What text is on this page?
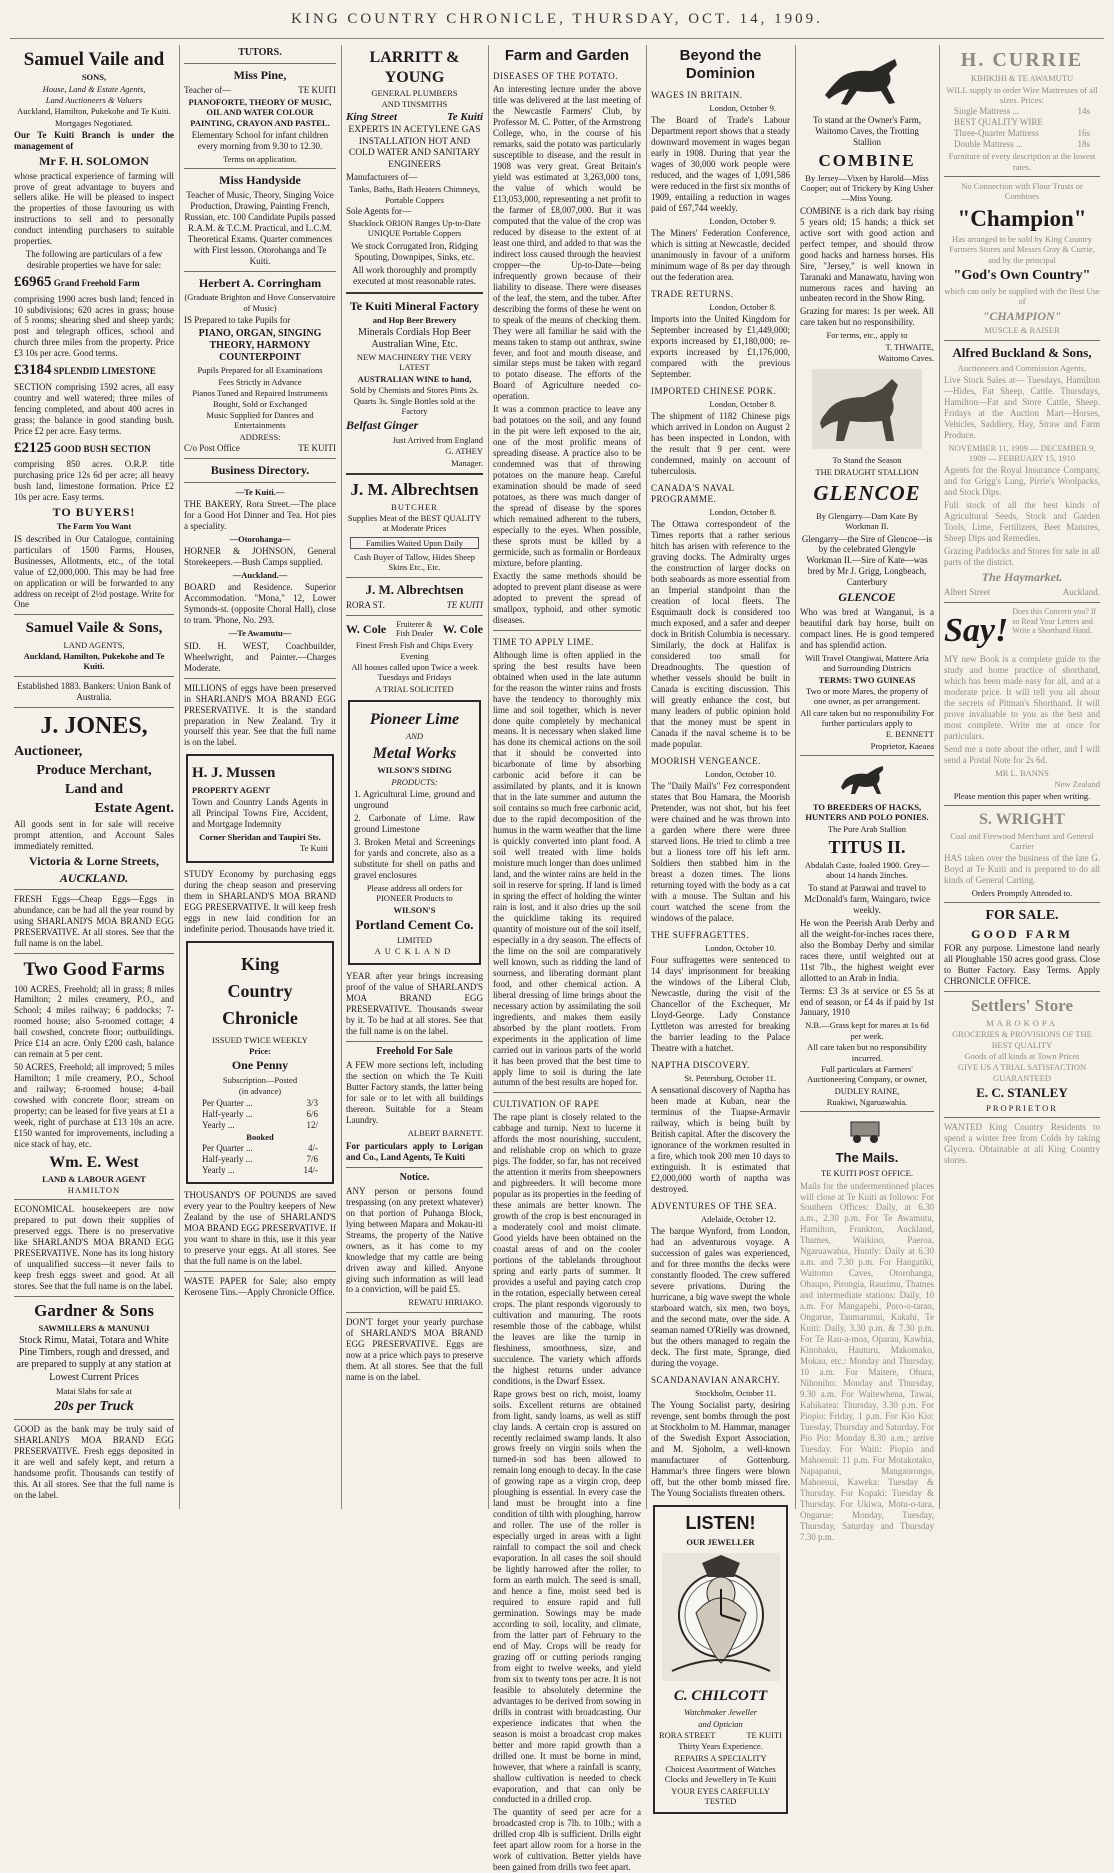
KING COUNTRY CHRONICLE, THURSDAY, OCT. 14, 1909.
Samuel Vaile and
SONS,
House, Land & Estate Agents,
Land Auctioneers & Valuers
Auckland, Hamilton, Pukekohe and Te Kuiti.
Mortgages Negotiated.

Our Te Kuiti Branch is under the management of

Mr F. H. SOLOMON

whose practical experience of farming will prove of great advantage to buyers and sellers alike. He will be pleased to inspect the properties of those favouring us with instructions to sell and to personally conduct intending purchasers to suitable properties.

The following are particulars of a few desirable properties we have for sale:

£6965 Grand Freehold Farm

comprising 1990 acres bush land; fenced in 10 subdivisions; 620 acres in grass; house of 5 rooms; shearing shed and sheep yards; post and telegraph offices, school and church three miles from the property. Price £3 10s per acre. Good terms.

£3184 SPLENDID LIMESTONE

SECTION comprising 1592 acres, all easy country and well watered; three miles of fencing completed, and about 400 acres in grass; the balance in good standing bush. Price £2 per acre. Easy terms.

£2125 GOOD BUSH SECTION

comprising 850 acres. O.R.P. title purchasing price 12s 6d per acre; all heavy bush land, limestone formation. Price £2 10s per acre. Easy terms.

TO BUYERS!
The Farm You Want

IS described in Our Catalogue, containing particulars of 1500 Farms, Houses, Businesses, Allotments, etc., of the total value of £2,000,000. This may be had free on application or will be forwarded to any address on receipt of 2½d postage. Write for One

Samuel Vaile & Sons,
LAND AGENTS,
Auckland, Hamilton, Pukekohe and Te Kuiti.

Established 1883. Bankers: Union Bank of Australia.

J. JONES,
Auctioneer,
Produce Merchant,
Land and
Estate Agent.

All goods sent in for sale will receive prompt attention, and Account Sales immediately remitted.

Victoria & Lorne Streets,
AUCKLAND.

FRESH Eggs—Cheap Eggs—Eggs in abundance, can be had all the year round by using SHARLAND'S MOA BRAND EGG PRESERVATIVE. At all stores. See that the full name is on the label.

Two Good Farms

100 ACRES, Freehold; all in grass; 8 miles Hamilton; 2 miles creamery, P.O., and School; 4 miles railway; 6 paddocks; 7-roomed house; also 5-roomed cottage; 4 bail cowshed, concrete floor; outbuildings. Price £14 an acre. Only £200 cash, balance can remain at 5 per cent.

50 ACRES, Freehold; all improved; 5 miles Hamilton; 1 mile creamery, P.O., School and railway; 6-roomed house; 4-bail cowshed with concrete floor; stream on property; can be leased for five years at £1 a week, right of purchase at £13 10s an acre. £150 wanted for improvements, including a nice stack of hay, etc.

Wm. E. West
LAND & LABOUR AGENT
HAMILTON

ECONOMICAL housekeepers are now prepared to put down their supplies of preserved eggs. There is no preservative like SHARLAND'S MOA BRAND EGG PRESERVATIVE. None has its long history of unqualified success—it never fails to keep fresh eggs sweet and good. At all stores. See that the full name is on the label.

Gardner & Sons
SAWMILLERS & MANUNUI

Stock Rimu, Matai, Totara and White Pine Timbers, rough and dressed, and are prepared to supply at any station at Lowest Current Prices

Matai Slabs for sale at
20s per Truck

GOOD as the bank may be truly said of SHARLAND'S MOA BRAND EGG PRESERVATIVE. Fresh eggs deposited in it are well and safely kept, and return a handsome profit. Thousands can testify of this. At all stores. See that the full name is on the label.

TUTORS.
Miss Pine,
Teacher of—	TE KUITI
PIANOFORTE, THEORY OF MUSIC, OIL AND WATER COLOUR PAINTING, CRAYON AND PASTEL.

Elementary School for infant children every morning from 9.30 to 12.30.

Terms on application.
Miss Handyside

Teacher of Music, Theory, Singing Voice Production, Drawing, Painting French, Russian, etc. 100 Candidate Pupils passed R.A.M. & T.C.M. Practical, and L.C.M. Theoretical Exams. Quarter commences with First lesson. Otorohanga and Te Kuiti.

Herbert A. Corringham
(Graduate Brighton and Hove Conservatoire of Music)

IS Prepared to take Pupils for

PIANO, ORGAN, SINGING THEORY, HARMONY COUNTERPOINT
Pupils Prepared for all Examinations
Fees Strictly in Advance
Pianos Tuned and Repaired Instruments Bought, Sold or Exchanged
Music Supplied for Dances and Entertainments
ADDRESS:
C/o Post Office	TE KUITI
Business Directory.
—Te Kuiti.—

THE BAKERY, Rora Street.—The place for a Good Hot Dinner and Tea. Hot pies a speciality.

—Otorohanga—

HORNER & JOHNSON, General Storekeepers.—Bush Camps supplied.

—Auckland.—

BOARD and Residence. Superior Accommodation. "Mona," 12, Lower Symonds-st. (opposite Choral Hall), close to tram. 'Phone, No. 293.

—Te Awamutu—

SID. H. WEST, Coachbuilder, Wheelwright, and Painter.—Charges Moderate.

MILLIONS of eggs have been preserved in SHARLAND'S MOA BRAND EGG PRESERVATIVE. It is the standard preparation in New Zealand. Try it yourself this year. See that the full name is on the label.

H. J. Mussen
PROPERTY AGENT

Town and Country Lands Agents in all Principal Towns Fire, Accident, and Mortgage Indemnity

Corner Sheridan and Taupiri Sts.
Te Kuiti

STUDY Economy by purchasing eggs during the cheap season and preserving them in SHARLAND'S MOA BRAND EGG PRESERVATIVE. It will keep fresh eggs in new laid condition for an indefinite period. Thousands have tried it.

King
Country
Chronicle
ISSUED TWICE WEEKLY
Price:
One Penny
Subscription—Posted
(in advance)
Per Quarter ...	3/3
Half-yearly ...	6/6
Yearly ...	12/
Booked
Per Quarter ...	4/-
Half-yearly ...	7/6
Yearly ...	14/-

THOUSAND'S OF POUNDS are saved every year to the Poultry keepers of New Zealand by the use of SHARLAND'S MOA BRAND EGG PRESERVATIVE. If you want to share in this, use it this year to preserve your eggs. At all stores. See that the full name is on the label.

WASTE PAPER for Sale; also empty Kerosene Tins.—Apply Chronicle Office.

LARRITT & YOUNG
GENERAL PLUMBERS
AND TINSMITHS
King Street	Te Kuiti
EXPERTS IN ACETYLENE GAS INSTALLATION HOT AND COLD WATER AND SANITARY ENGINEERS
Manufacturers of—
Tanks, Baths, Bath Heaters Chimneys, Portable Coppers
Sole Agents for—
Shacklock ORION Ranges Up-to-Date UNIQUE Portable Coppers

We stock Corrugated Iron, Ridging Spouting, Downpipes, Sinks, etc.

All work thoroughly and promptly executed at most reasonable rates.

Te Kuiti Mineral Factory
and Hop Beer Brewery
Minerals Cordials Hop Beer Australian Wine, Etc.
NEW MACHINERY THE VERY LATEST
AUSTRALIAN WINE to hand,
Sold by Chemists and Stores Pints 2s. Quarts 3s. Single Bottles sold at the Factory
Belfast Ginger
Just Arrived from England
G. ATHEY
Manager.
J. M. Albrechtsen
BUTCHER
Supplies Meat of the BEST QUALITY at Moderate Prices
Families Waited Upon Daily
Cash Buyer of Tallow, Hides Sheep Skins Etc., Etc.
J. M. Albrechtsen
RORA ST.	TE KUITI
W. Cole Fruiterer & Fish Dealer W. Cole
Finest Fresh Fish and Chips Every Evening
All houses called upon Twice a week Tuesdays and Fridays
A TRIAL SOLICITED
Pioneer Lime
AND
Metal Works
WILSON'S SIDING
PRODUCTS:

1. Agricultural Lime, ground and unground

2. Carbonate of Lime. Raw ground Limestone

3. Broken Metal and Screenings for yards and concrete, also as a substitute for shell on paths and gravel enclosures

Please address all orders for PIONEER Products to
WILSON'S
Portland Cement Co.
LIMITED
AUCKLAND

YEAR after year brings increasing proof of the value of SHARLAND'S MOA BRAND EGG PRESERVATIVE. Thousands swear by it. To be had at all stores. See that the full name is on the label.

Freehold For Sale

A FEW more sections left, including the section on which the Te Kuiti Butter Factory stands, the latter being for sale or to let with all buildings thereon. Suitable for a Steam Laundry.

ALBERT BARNETT.

For particulars apply to Lorigan and Co., Land Agents, Te Kuiti

Notice.

ANY person or persons found trespassing (on any pretext whatever) on that portion of Puhanga Block, lying between Mapara and Mokau-iti Streams, the property of the Native owners, as it has come to my knowledge that my cattle are being driven away and killed. Anyone giving such information as will lead to a conviction, will be paid £5.

REWATU HIRIAKO.

DON'T forget your yearly purchase of SHARLAND'S MOA BRAND EGG PRESERVATIVE. Eggs are now at a price which pays to preserve them. At all stores. See that the full name is on the label.

Farm and Garden
DISEASES OF THE POTATO.

An interesting lecture under the above title was delivered at the last meeting of the Newcastle Farmers' Club, by Professor M. C. Potter, of the Armstrong College, who, in the course of his remarks, said the potato was particularly susceptible to disease, and the result in 1908 was very great. Great Britain's yield was estimated at 3,263,000 tons, the value of which would be £13,053,000, representing a net profit to the farmer of £8,007,000. But it was computed that the value of the crop was reduced by disease to the extent of at least one third, and added to that was the indirect loss caused through the heaviest cropper—the Up-to-Date—being infrequently grown because of their liability to disease. There were diseases of the leaf, the stem, and the tuber. After describing the forms of these he went on to speak of the means of checking them. They were all familiar he said with the means taken to stamp out anthrax, swine fever, and foot and mouth disease, and similar steps must be taken with regard to potato disease. The efforts of the Board of Agriculture needed co-operation.

It was a common practice to leave any bad potatoes on the soil, and any found in the pit were left exposed to the air, one of the most prolific means of spreading disease. A practice also to be condemned was that of throwing potatoes on the manure heap. Careful examination should be made of seed potatoes, as there was much danger of the spread of disease by the spores which remained adherent to the tubers, especially to the eyes. When possible, these sprots must be killed by a germicide, such as formalin or Bordeaux mixture, before planting.

Exactly the same methods should be adopted to prevent plant disease as were adopted to prevent the spread of smallpox, typhoid, and other symotic diseases.

TIME TO APPLY LIME.

Although lime is often applied in the spring the best results have been obtained when used in the late autumn for the reason the winter rains and frosts have the tendency to thoroughly mix lime and soil together, which is never done quite completely by mechanical means. It is necessary when slaked lime has done its chemical actions on the soil that it should be converted into bicarbonate of lime by absorbing carbonic acid before it can be assimilated by plants, and it is known that in the late summer and autumn the soil contains so much free carbonic acid, due to the rapid decomposition of the humus in the warm weather that the lime is quickly converted into plant food. A soil well treated with lime holds moisture much longer than does unlimed land, and the winter rains are held in the soil in reserve for spring. If land is limed in spring the effect of holding the winter rain is lost, and it also dries up the soil the quicklime taking its required quantity of moisture out of the soil itself, especially in a dry season. The effects of the lime on the soil are comparatively well known, such as ridding the land of sourness, and liberating dormant plant food, and other chemical action. A liberal dressing of lime brings about the necessary action by assimilating the soil ingredients, and makes them easily absorbed by the plant rootlets. From experiments in the application of lime carried out in various parts of the world it has been proved that the best time to apply lime to soil is during the late autumn of the best results are hoped for.

CULTIVATION OF RAPE

The rape plant is closely related to the cabbage and turnip. Next to lucerne it affords the most nourishing, succulent, and relishable crop on which to graze pigs. The fodder, so far, has not received the attention it merits from sheepowners and pigbreeders. It will become more popular as its properties in the feeding of these animals are better known. The growth of the crop is best encouraged in a moderately cool and moist climate. Good yields have been obtained on the coastal areas of and on the cooler portions of the tablelands throughout spring and early parts of summer. It provides a useful and paying catch crop in the rotation, especially between cereal crops. The plant responds vigorously to cultivation and manuring. The roots resemble those of the cabbage, whilst the leaves are like the turnip in fleshiness, smoothness, size, and succulence. The variety which affords the highest returns under advance conditions, is the Dwarf Essex.

Rape grows best on rich, moist, loamy soils. Excellent returns are obtained from light, sandy loams, as well as stiff clay lands. A certain crop is assured on recently reclaimed swamp lands. It also grows freely on virgin soils when the turned-in sod has been allowed to remain long enough to decay. In the case of growing rape as a virgin crop, deep ploughing is essential. In every case the land must be brought into a fine condition of tilth with ploughing, harrow and roller. The use of the roller is especially urged in areas with a light rainfall to compact the soil and check evaporation. In all cases the soil should be lightly harrowed after the roller, to form an earth mulch. The seed is small, and hence a fine, moist seed bed is required to ensure rapid and full germination. Sowings may be made according to soil, locality, and climate, from the latter part of February to the end of May. Crops will be ready for grazing off or cutting periods ranging from eight to twelve weeks, and yield from six to twenty tons per acre. It is not feasible to absolutely determine the advantages to be derived from sowing in drills in contrast with broadcasting. Our experience indicates that when the season is moist a broadcast crop makes better and more rapid growth than a drilled one. It must be borne in mind, however, that where a rainfall is scanty, shallow cultivation is needed to check evaporation, and that can only be conducted in a drilled crop.

The quantity of seed per acre for a broadcasted crop is 7lb. to 10lb.; with a drilled crop 4lb is sufficient. Drills eight feet apart allow room for a horse in the work of cultivation. Better yields have been gained from drills two feet apart.

Beyond the Dominion
WAGES IN BRITAIN.
London, October 9.

The Board of Trade's Labour Department report shows that a steady downward movement in wages began early in 1908. During that year the wages of 30,000 work people were reduced, and the wages of 1,091,586 were reduced in the first six months of 1909, entailing a reduction in wages paid of £67,744 weekly.

London, October 9.

The Miners' Federation Conference, which is sitting at Newcastle, decided unanimously in favour of a uniform minimum wage of 8s per day through out the federation area.

TRADE RETURNS.
London, October 8.

Imports into the United Kingdom for September increased by £1,449,000; exports increased by £1,180,000; re-exports increased by £1,176,000, compared with the previous September.

IMPORTED CHINESE PORK.
London, October 8.

The shipment of 1182 Chinese pigs which arrived in London on August 2 has been inspected in London, with the result that 9 per cent. were condemned, mainly on account of tuberculosis.

CANADA'S NAVAL PROGRAMME.
London, October 8.

The Ottawa correspondent of the Times reports that a rather serious hitch has arisen with reference to the graving docks. The Admiralty urges the construction of larger docks on both seaboards as more essential from an Imperial standpoint than the creation of local fleets. The Esquimault dock is considered too much exposed, and a safer and deeper dock in British Columbia is necessary. Similarly, the dock at Halifax is considered too small for Dreadnoughts. The question of whether vessels should be built in Canada is exciting discussion. This will greatly enhance the cost, but many leaders of public opinion hold that the money must be spent in Canada if the naval scheme is to be made popular.

MOORISH VENGEANCE.
London, October 10.

The "Daily Mail's" Fez correspondent states that Bou Hamara, the Moorish Pretender, was not shot, but his feet were chained and he was thrown into a garden where there were three starved lions. He tried to climb a tree but a lioness tore off his left arm. Soldiers then stabbed him in the breast a dozen times. The lions returning toyed with the body as a cat with a mouse. The Sultan and his court watched the scene from the windows of the palace.

THE SUFFRAGETTES.
London, October 10.

Four suffragettes were sentenced to 14 days' imprisonment for breaking the windows of the Liberal Club, Newcastle, during the visit of the Chancellor of the Exchequer, Mr Lloyd-George. Lady Constance Lyttleton was arrested for breaking the barrier leading to the Palace Theatre with a hatchet.

NAPTHA DISCOVERY.
St. Petersburg, October 11.

A sensational discovery of Naptha has been made at Kuban, near the terminus of the Tuapse-Armavir railway, which is being built by British capital. After the discovery the ignorance of the workmen resulted in a fire, which took 200 men 10 days to extinguish. It is estimated that £2,000,000 worth of naptha was destroyed.

ADVENTURES OF THE SEA.
Adelaide, October 12.

The barque Wynford, from London, had an adventurous voyage. A succession of gales was experienced, and for three months the decks were constantly flooded. The crew suffered severe privations. During the hurricane, a big wave swept the whole starboard watch, six men, two boys, and the second mate, over the side. A seaman named O'Rielly was drowned, but the others managed to regain the deck. The first mate, Sprange, died during the voyage.

SCANDANAVIAN ANARCHY.
Stockholm, October 11.

The Young Socialist party, desiring revenge, sent bombs through the post at Stockholm to M. Hammar, manager of the Swedish Export Association, and M. Sjoholm, a well-known manufacturer of Gottenburg. Hammar's three fingers were blown off, but the other bomb missed fire. The Young Socialists threaten others.

LISTEN!
OUR JEWELLER
C. CHILCOTT
Watchmaker Jeweller
and Optician
RORA STREET	TE KUITI
Thirty Years Experience.
REPAIRS A SPECIALITY
Choicest Assortment of Watches Clocks and Jewellery in Te Kuiti
YOUR EYES CAREFULLY TESTED

To stand at the Owner's Farm, Waitomo Caves, the Trotting Stallion

COMBINE
By Jersey—Vixen by Harold—Miss Cooper; out of Trickery by King Usher—Miss Young.

COMBINE is a rich dark bay rising 5 years old; 15 hands; a thick set active sort with good action and perfect temper, and should throw good hacks and harness horses. His Sire, "Jersey," is well known in Taranaki and Manawatu, having won numerous races and having an unbeaten record in the Show Ring.

Grazing for mares: 1s per week. All care taken but no responsibility.

For terms, etc., apply to
T. THWAITE,
Waitomo Caves.
To Stand the Season
THE DRAUGHT STALLION
GLENCOE
By Glengarry—Dam Kate By Workman II.

Glengarry—the Sire of Glencoe—is by the celebrated Glengyle Workman II.—Sire of Kate—was bred by Mr J. Grigg, Longbeach, Canterbury

GLENCOE

Who was bred at Wanganui, is a beautiful dark bay horse, built on compact lines. He is good tempered and has splendid action.

Will Travel Otangiwai, Mattere Aria and Surrounding Districts
TERMS: TWO GUINEAS
Two or more Mares, the property of one owner, as per arrangement.
All care taken but no responsibility For further particulars apply to
E. BENNETT
Proprietor, Kaeaea
TO BREEDERS OF HACKS, HUNTERS AND POLO PONIES.
The Pure Arab Stallion
TITUS II.
Abdalah Caste, foaled 1900. Grey—about 14 hands 2inches.

To stand at Parawai and travel to McDonald's farm, Waingaro, twice weekly.

He won the Peerish Arab Derby and all the weight-for-inches races there, also the Bombay Derby and similar races there, until weighted out at 11st 7lb., the highest weight ever allotted to an Arab in India.

Terms: £3 3s at service or £5 5s at end of season, or £4 4s if paid by 1st January, 1910

N.B.—Grass kept for mares at 1s 6d per week.
All care taken but no responsibility incurred.
Full particulars at Farmers' Auctioneering Company, or owner,
DUDLEY RAINE,
Ruakiwi, Ngaruawahia.
The Mails.
TE KUITI POST OFFICE.

Mails for the undermentioned places will close at Te Kuiti as follows: For Southern Offices: Daily, at 6.30 a.m., 2.30 p.m. For Te Awamutu, Hamilton, Frankton, Auckland, Thames, Waikino, Paeroa, Ngaruawahia, Huntly: Daily at 6.30 a.m. and 7.30 p.m. For Hangatiki, Waitomo Caves, Otorohanga, Ohaupo, Pirongia, Raurimu, Thames and intermediate stations: Daily, 10 a.m. For Mangapehi, Poro-o-tarao, Ongarue, Taumarunui, Kakahi, Te Kuiti: Daily, 3.30 p.m. & 7.30 p.m. For Te Rau-a-moa, Oparau, Kawhia, Kinohaku, Hauturu, Makomako, Mokau, etc.: Monday and Thursday, 10 a.m. For Maitere, Ohura, Nihoniho: Monday and Thursday, 9.30 a.m. For Waitewhena, Tawai, Kahikatea: Thursday, 3.30 p.m. For Piopio: Friday, 1 p.m. For Kio Kio: Tuesday, Thursday and Saturday. For Pio Pio: Monday 8.30 a.m.; arrive Tuesday. For Waiti: Piopio and Mahoenui: 11 p.m. For Motakotako, Napapanui, Mangaorongo, Mahoenui, Kaweka: Tuesday & Thursday. For Kopaki: Tuesday & Thursday. For Ukiwa, Motu-o-tara, Ongarue: Monday, Tuesday, Thursday, Saturday and Thursday 7.30 p.m.

H. CURRIE
KIHIKIHI & TE AWAMUTU
WILL supply to order Wire Mattresses of all sizes. Prices:
Single Mattress ...	14s
BEST QUALITY WIRE
Three-Quarter Mattress	16s
Double Mattress ...	18s
Furniture of every description at the lowest rates.
No Connection with Flour Trusts or Combines
"Champion"
Has arranged to be sold by King Country Farmers Stores and Messrs Gray & Currie, and by the principal
"God's Own Country"
which can only be supplied with the Best Use of
"CHAMPION"
MUSCLE & RAISER
Alfred Buckland & Sons,
Auctioneers and Commission Agents,

Live Stock Sales at— Tuesdays, Hamilton—Hides, Fat Sheep, Cattle. Thursdays, Hamilton—Fat and Store Cattle, Sheep. Fridays at the Auction Mart—Horses, Vehicles, Saddlery, Hay, Straw and Farm Produce.

NOVEMBER 11, 1909 — DECEMBER 9, 1909 — FEBRUARY 15, 1910

Agents for the Royal Insurance Company, and for Grigg's Lung, Pirrie's Woolpacks, and Stock Dips.

Full stock of all the best kinds of Agricultural Seeds, Stock and Garden Tools, Lime, Fertilizers, Beet Manures, Sheep Dips and Remedies.

Grazing Paddocks and Stores for sale in all parts of the district.

The Haymarket.
Albert Street	Auckland.
Say!
Does this Concern you? If so Read Your Letters and Write a Shorthand Hand.

MY new Book is a complete guide to the study and home practice of shorthand, which has been made easy for all, and at a moderate price. It will tell you all about the secrets of Pitman's Shorthand. It will prove invaluable to you as the best and most complete. Write me at once for particulars.

Send me a note about the other, and I will send a Postal Note for 2s 6d.

MR L. BANNS
New Zealand
Please mention this paper when writing.
S. WRIGHT
Coal and Firewood Merchant and General Carrier

HAS taken over the business of the late G. Boyd at Te Kuiti and is prepared to do all kinds of General Carting.

Orders Promptly Attended to.
FOR SALE.
GOOD FARM

FOR any purpose. Limestone land nearly all Ploughable 150 acres good grass. Close to Butter Factory. Easy Terms. Apply CHRONICLE OFFICE.

Settlers' Store
MAROKOPA
GROCERIES & PROVISIONS OF THE BEST QUALITY
Goods of all kinds at Town Prices
GIVE US A TRIAL SATISFACTION GUARANTEED
E. C. STANLEY
PROPRIETOR

WANTED King Country Residents to spend a winter free from Colds by taking Glycera. Obtainable at all King Country stores.
